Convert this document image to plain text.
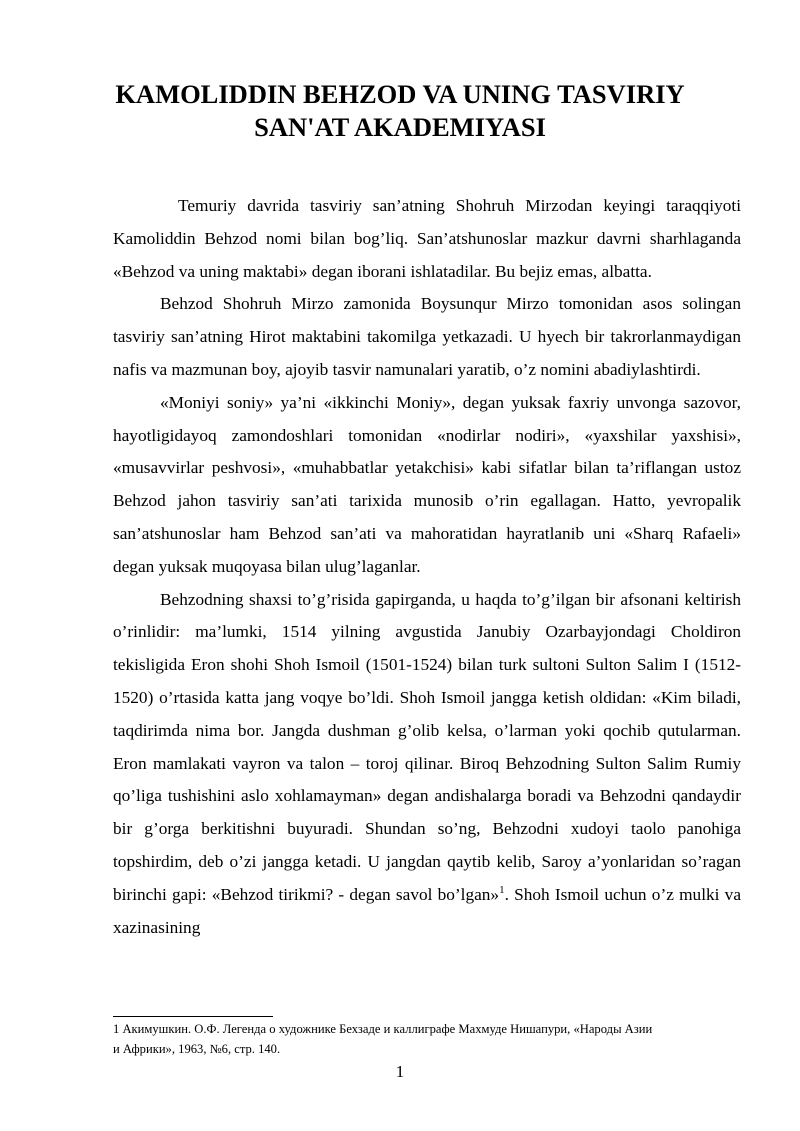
KAMOLIDDIN BEHZOD VA UNING TASVIRIY
SAN'AT AKADEMIYASI

Temuriy davrida tasviriy san’atning Shohruh Mirzodan keyingi taraqqiyoti Kamoliddin Behzod nomi bilan bog’liq. San’atshunoslar mazkur davrni sharhlaganda «Behzod va uning maktabi» degan iborani ishlatadilar. Bu bejiz emas, albatta.

Behzod Shohruh Mirzo zamonida Boysunqur Mirzo tomonidan asos solingan tasviriy san’atning Hirot maktabini takomilga yetkazadi. U hyech bir takrorlanmaydigan nafis va mazmunan boy, ajoyib tasvir namunalari yaratib, o’z nomini abadiylashtirdi.

«Moniyi soniy» ya’ni «ikkinchi Moniy», degan yuksak faxriy unvonga sazovor, hayotligidayoq zamondoshlari tomonidan «nodirlar nodiri», «yaxshilar yaxshisi», «musavvirlar peshvosi», «muhabbatlar yetakchisi» kabi sifatlar bilan ta’riflangan ustoz Behzod jahon tasviriy san’ati tarixida munosib o’rin egallagan. Hatto, yevropalik san’atshunoslar ham Behzod san’ati va mahoratidan hayratlanib uni «Sharq Rafaeli» degan yuksak muqoyasa bilan ulug’laganlar.

Behzodning shaxsi to’g’risida gapirganda, u haqda to’g’ilgan bir afsonani keltirish o’rinlidir: ma’lumki, 1514 yilning avgustida Janubiy Ozarbayjondagi Choldiron tekisligida Eron shohi Shoh Ismoil (1501-1524) bilan turk sultoni Sulton Salim I (1512-1520) o’rtasida katta jang voqye bo’ldi. Shoh Ismoil jangga ketish oldidan: «Kim biladi, taqdirimda nima bor. Jangda dushman g’olib kelsa, o’larman yoki qochib qutularman. Eron mamlakati vayron va talon – toroj qilinar. Biroq Behzodning Sulton Salim Rumiy qo’liga tushishini aslo xohlamayman» degan andishalarga boradi va Behzodni qandaydir bir g’orga berkitishni buyuradi. Shundan so’ng, Behzodni xudoyi taolo panohiga topshirdim, deb o’zi jangga ketadi. U jangdan qaytib kelib, Saroy a’yonlaridan so’ragan birinchi gapi: «Behzod tirikmi? - degan savol bo’lgan»$^1$. Shoh Ismoil uchun o’z mulki va xazinasining

1 Акимушкин. О.Ф. Легенда о художнике Бехзаде и каллиграфе Махмуде Нишапури, «Народы Азии
и Африки», 1963, №6, стр. 140.

1
